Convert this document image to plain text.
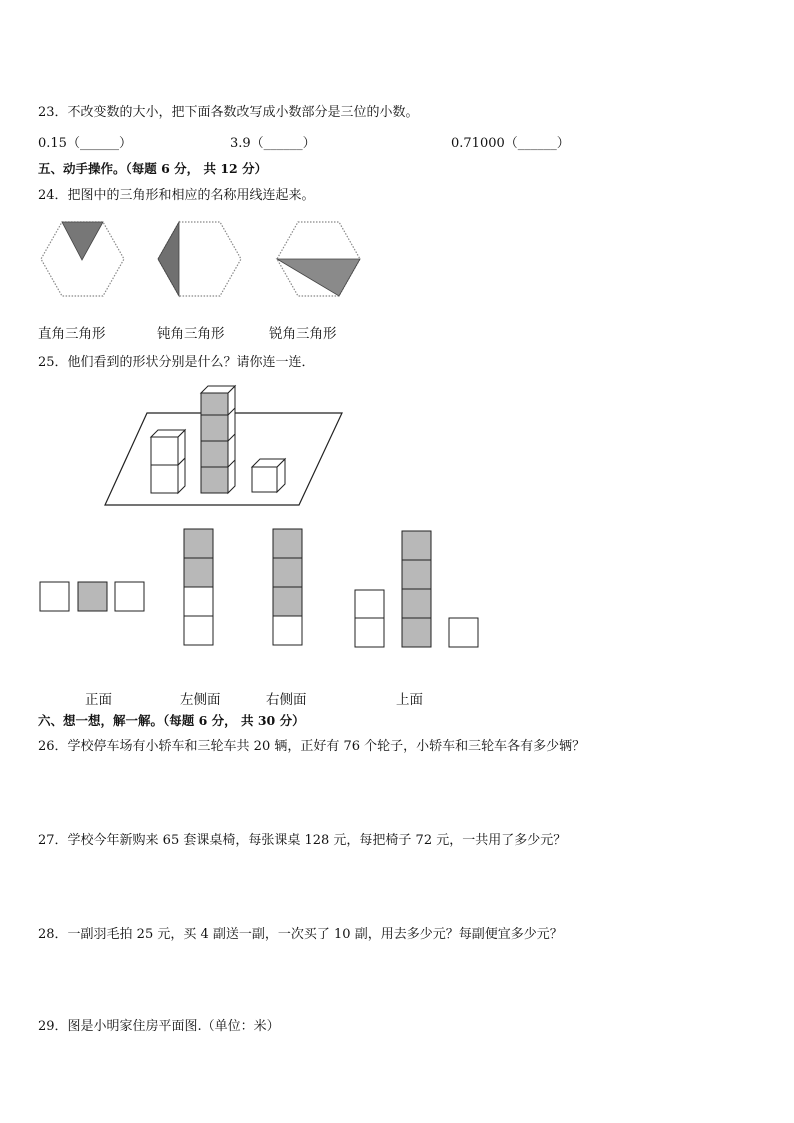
23．不改变数的大小，把下面各数改写成小数部分是三位的小数。
0.15（______）	3.9（______）	0.71000（______）
五、动手操作。（每题 6 分， 共 12 分）
24．把图中的三角形和相应的名称用线连起来。
直角三角形	钝角三角形	锐角三角形
25．他们看到的形状分别是什么？请你连一连．
正面	左侧面	右侧面	上面
六、想一想，解一解。（每题 6 分， 共 30 分）
26．学校停车场有小轿车和三轮车共 20 辆，正好有 76 个轮子，小轿车和三轮车各有多少辆？
27．学校今年新购来 65 套课桌椅，每张课桌 128 元，每把椅子 72 元，一共用了多少元？
28．一副羽毛拍 25 元，买 4 副送一副，一次买了 10 副，用去多少元？每副便宜多少元？
29．图是小明家住房平面图.（单位：米）
